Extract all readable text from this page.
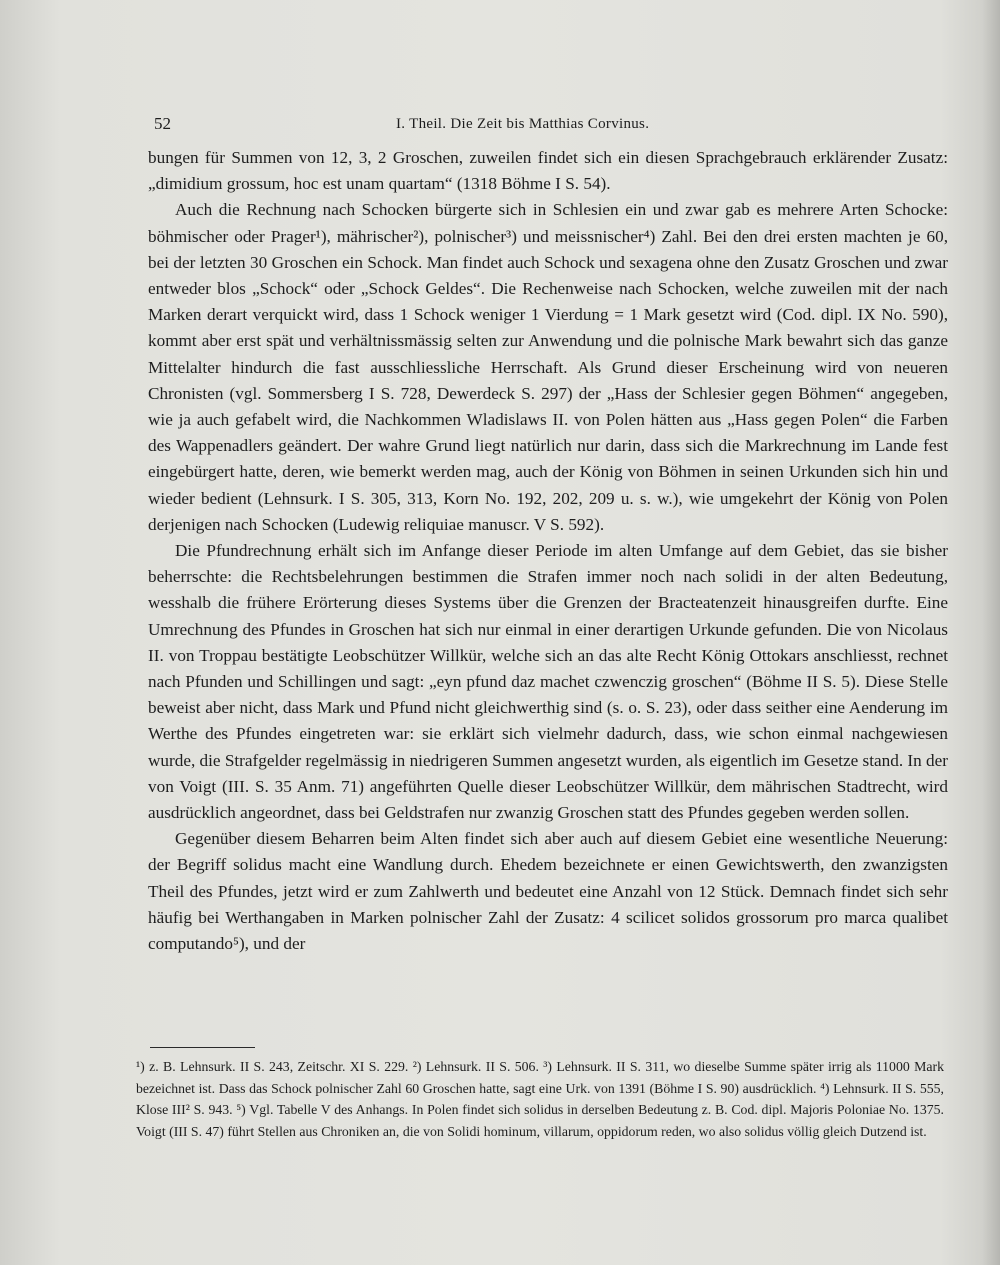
52	I. Theil. Die Zeit bis Matthias Corvinus.

bungen für Summen von 12, 3, 2 Groschen, zuweilen findet sich ein diesen Sprachgebrauch erklärender Zusatz: „dimidium grossum, hoc est unam quartam“ (1318 Böhme I S. 54).

Auch die Rechnung nach Schocken bürgerte sich in Schlesien ein und zwar gab es mehrere Arten Schocke: böhmischer oder Prager¹), mährischer²), polnischer³) und meissnischer⁴) Zahl. Bei den drei ersten machten je 60, bei der letzten 30 Groschen ein Schock. Man findet auch Schock und sexagena ohne den Zusatz Groschen und zwar entweder blos „Schock“ oder „Schock Geldes“. Die Rechenweise nach Schocken, welche zuweilen mit der nach Marken derart verquickt wird, dass 1 Schock weniger 1 Vierdung = 1 Mark gesetzt wird (Cod. dipl. IX No. 590), kommt aber erst spät und verhältnissmässig selten zur Anwendung und die polnische Mark bewahrt sich das ganze Mittelalter hindurch die fast ausschliessliche Herrschaft. Als Grund dieser Erscheinung wird von neueren Chronisten (vgl. Sommersberg I S. 728, Dewerdeck S. 297) der „Hass der Schlesier gegen Böhmen“ angegeben, wie ja auch gefabelt wird, die Nachkommen Wladislaws II. von Polen hätten aus „Hass gegen Polen“ die Farben des Wappenadlers geändert. Der wahre Grund liegt natürlich nur darin, dass sich die Markrechnung im Lande fest eingebürgert hatte, deren, wie bemerkt werden mag, auch der König von Böhmen in seinen Urkunden sich hin und wieder bedient (Lehnsurk. I S. 305, 313, Korn No. 192, 202, 209 u. s. w.), wie umgekehrt der König von Polen derjenigen nach Schocken (Ludewig reliquiae manuscr. V S. 592).

Die Pfundrechnung erhält sich im Anfange dieser Periode im alten Umfange auf dem Gebiet, das sie bisher beherrschte: die Rechtsbelehrungen bestimmen die Strafen immer noch nach solidi in der alten Bedeutung, wesshalb die frühere Erörterung dieses Systems über die Grenzen der Bracteatenzeit hinausgreifen durfte. Eine Umrechnung des Pfundes in Groschen hat sich nur einmal in einer derartigen Urkunde gefunden. Die von Nicolaus II. von Troppau bestätigte Leobschützer Willkür, welche sich an das alte Recht König Ottokars anschliesst, rechnet nach Pfunden und Schillingen und sagt: „eyn pfund daz machet czwenczig groschen“ (Böhme II S. 5). Diese Stelle beweist aber nicht, dass Mark und Pfund nicht gleichwerthig sind (s. o. S. 23), oder dass seither eine Aenderung im Werthe des Pfundes eingetreten war: sie erklärt sich vielmehr dadurch, dass, wie schon einmal nachgewiesen wurde, die Strafgelder regelmässig in niedrigeren Summen angesetzt wurden, als eigentlich im Gesetze stand. In der von Voigt (III. S. 35 Anm. 71) angeführten Quelle dieser Leobschützer Willkür, dem mährischen Stadtrecht, wird ausdrücklich angeordnet, dass bei Geldstrafen nur zwanzig Groschen statt des Pfundes gegeben werden sollen.

Gegenüber diesem Beharren beim Alten findet sich aber auch auf diesem Gebiet eine wesentliche Neuerung: der Begriff solidus macht eine Wandlung durch. Ehedem bezeichnete er einen Gewichtswerth, den zwanzigsten Theil des Pfundes, jetzt wird er zum Zahlwerth und bedeutet eine Anzahl von 12 Stück. Demnach findet sich sehr häufig bei Werthangaben in Marken polnischer Zahl der Zusatz: 4 scilicet solidos grossorum pro marca qualibet computando⁵), und der

¹) z. B. Lehnsurk. II S. 243, Zeitschr. XI S. 229. ²) Lehnsurk. II S. 506. ³) Lehnsurk. II S. 311, wo dieselbe Summe später irrig als 11000 Mark bezeichnet ist. Dass das Schock polnischer Zahl 60 Groschen hatte, sagt eine Urk. von 1391 (Böhme I S. 90) ausdrücklich. ⁴) Lehnsurk. II S. 555, Klose III² S. 943. ⁵) Vgl. Tabelle V des Anhangs. In Polen findet sich solidus in derselben Bedeutung z. B. Cod. dipl. Majoris Poloniae No. 1375. Voigt (III S. 47) führt Stellen aus Chroniken an, die von Solidi hominum, villarum, oppidorum reden, wo also solidus völlig gleich Dutzend ist.
